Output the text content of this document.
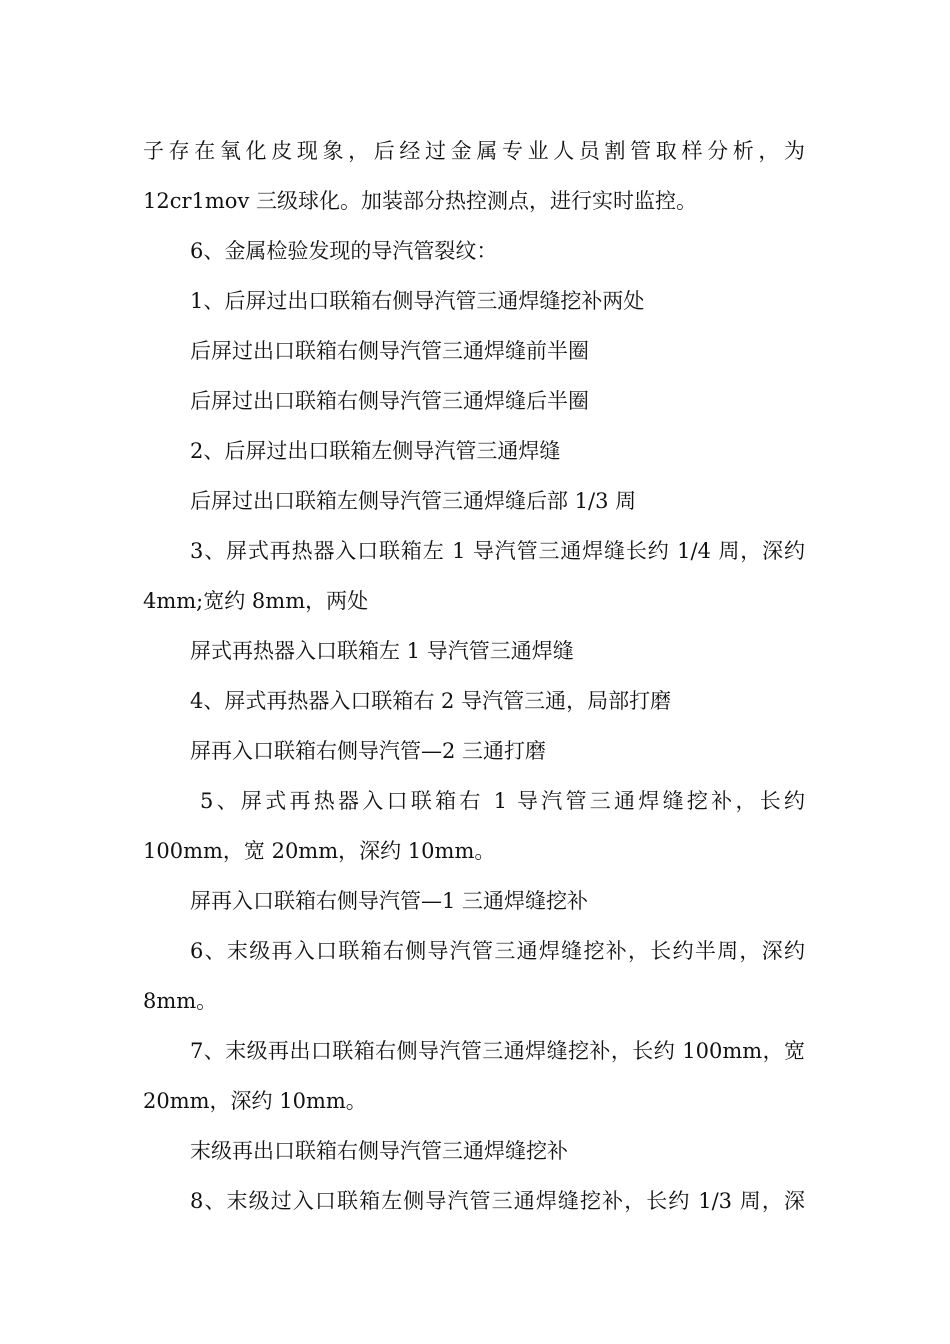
子存在氧化皮现象，后经过金属专业人员割管取样分析，为
12cr1mov 三级球化。加装部分热控测点，进行实时监控。
6、金属检验发现的导汽管裂纹：
1、后屏过出口联箱右侧导汽管三通焊缝挖补两处
后屏过出口联箱右侧导汽管三通焊缝前半圈
后屏过出口联箱右侧导汽管三通焊缝后半圈
2、后屏过出口联箱左侧导汽管三通焊缝
后屏过出口联箱左侧导汽管三通焊缝后部 1/3 周
3、屏式再热器入口联箱左 1 导汽管三通焊缝长约 1/4 周，深约
4mm;宽约 8mm，两处
屏式再热器入口联箱左 1 导汽管三通焊缝
4、屏式再热器入口联箱右 2 导汽管三通，局部打磨
屏再入口联箱右侧导汽管—2 三通打磨
5、屏式再热器入口联箱右 1 导汽管三通焊缝挖补，长约
100mm，宽 20mm，深约 10mm。
屏再入口联箱右侧导汽管—1 三通焊缝挖补
6、末级再入口联箱右侧导汽管三通焊缝挖补，长约半周，深约
8mm。
7、末级再出口联箱右侧导汽管三通焊缝挖补，长约 100mm，宽
20mm，深约 10mm。
末级再出口联箱右侧导汽管三通焊缝挖补
8、末级过入口联箱左侧导汽管三通焊缝挖补，长约 1/3 周，深
